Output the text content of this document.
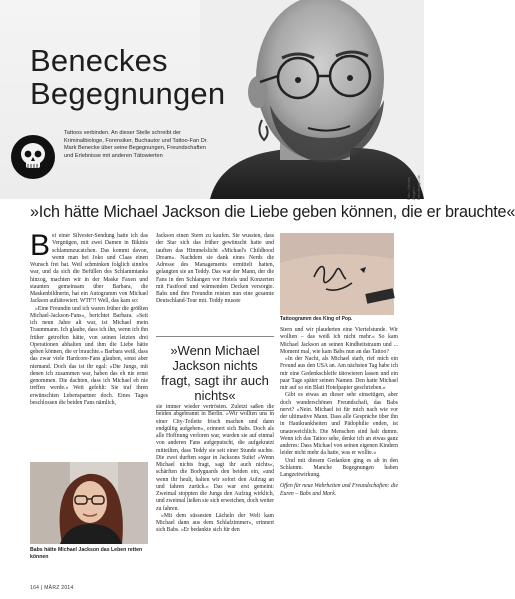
Beneckes
Begegnungen

Tattoos verbinden. An dieser Stelle schreibt der Kriminalbiologe, Forensiker, Buchautor und Tattoo-Fan Dr. Mark Benecke über seine Begegnungen, Freundschaften und Erlebnisse mit anderen Tätowierten

Foto: Nicolas Ziegel / Fotodesign.de
»Ich hätte Michael Jackson die Liebe geben können, die er brauchte«

Bei einer Silvester-Sendung hatte ich das Vergnügen, mit zwei Damen in Bikinis schlammzucatchen. Das kommt davon, wenn man bei Joko und Claas einen Wunsch frei hat. Weil schminken folglich sinnlos war, und da sich die Befüllen des Schlammtanks hinzog, machten wir in der Maske Faxen und staunten gemeinsam über Barbara, die Maskenbildnerin, hat ein Autogramm von Michael Jackson auftätowiert. WTF?! Well, das kam so:

»Eine Freundin und ich waren früher die größten Michael-Jackson-Fans«, berichtet Barbara. »Seit ich neun Jahre alt war, ist Michael mein Traummann. Ich glaube, dass ich ihn, wenn ich ihn früher getroffen hätte, von seinen letzten drei Operationen abhalten und ihm die Liebe hätte geben können, die er brauchte.« Barbara weiß, dass das zwar viele Hardcore-Fans glauben, sonst aber niemand. Doch das ist ihr egal: »Die Jungs, mit denen ich zusammen war, haben das eh nie ernst genommen. Die dachten, dass ich Michael eh nie treffen werde.« Weit gefehlt: Sie traf ihren erwünschten Lebenspartner doch. Eines Tages beschlossen die beiden Fans nämlich,

Babs hätte Michael Jackson das Leben retten können

Jackson einen Stern zu kaufen. Sie wussten, dass der Star sich das früher gewünscht hatte und tauften das Himmelslicht »Michael's Childhood Dream«. Nachdem sie dank eines Nerds die Adresse des Managements ermittelt hatten, gelangten sie an Teddy. Das war der Mann, der die Fans in den Schlangen vor Hotels und Konzerten mit Fastfood und wärmenden Decken versorgte. Babs und ihre Freundin reisten nun eine gesamte Deutschland-Tour mit. Teddy musste

»Wenn Michael Jackson nichts fragt, sagt ihr auch nichts«

sie immer wieder vertrösten. Zuletzt saßen die beiden abgebrannt in Berlin. »Wir wollten uns in einer City-Toilette frisch machen und dann endgültig aufgeben«, erinnert sich Babs. Doch als alle Hoffnung verloren war, wurden sie auf einmal von anderen Fans aufgeputscht, die aufgekratzt mitteilten, dass Teddy sie seit einer Stunde suchte. Die zwei durften sogar in Jacksons Suite! »Wenn Michael nichts fragt, sagt ihr auch nichts«, schärften die Bodyguards den beiden ein, »und wenn ihr heult, halten wir sofort den Aufzug an und fahren zurück.« Das war erst gemeint: Zweimal stoppten die Jungs den Aufzug wirklich, und zweimal ließen sie sich erweichen, doch weiter zu fahren.

»Mit dem süssesten Lächeln der Welt kam Michael dann aus dem Schlafzimmer«, erinnert sich Babs. »Er bedankte sich für den

Tattoogramm des King of Pop.

Stern und wir plauderten eine Viertelstunde. Wir wollten – das weiß ich nicht mehr.« So kam Michael Jackson an seinen Kindheitstraum und ... Moment mal, wie kam Babs nun an das Tattoo?

»In der Nacht, als Michael starb, rief mich ein Freund aus den USA an. Am nächsten Tag habe ich mir eine Gedenkschleife tätowieren lassen und ein paar Tage später seinen Namen. Den hatte Michael mir auf so ein Blatt Hotelpapier geschrieben.«

Gibt es etwas an dieser sehr einseitigen, aber doch wunderschönen Freundschaft, das Babs nervt? »Nein. Michael ist für mich nach wie vor der ultimative Mann. Dass alle Gespräche über ihn in Hautkrankheiten und Pädophilie enden, ist unausweichlich. Die Menschen sind halt dumm. Wenn ich das Tattoo sehe, denke ich an etwas ganz anderes: Dass Michael von seinen eigenen Kindern leider nicht mehr da hatte, was er wollte.«

Und mit diesem Gedanken ging es ab in den Schlamm. Manche Begegnungen haben Langzeitwirkung.

Offen für neue Wahrheiten und Freundschaften: die Euren – Babs und Mark.

164 | MÄRZ 2014
